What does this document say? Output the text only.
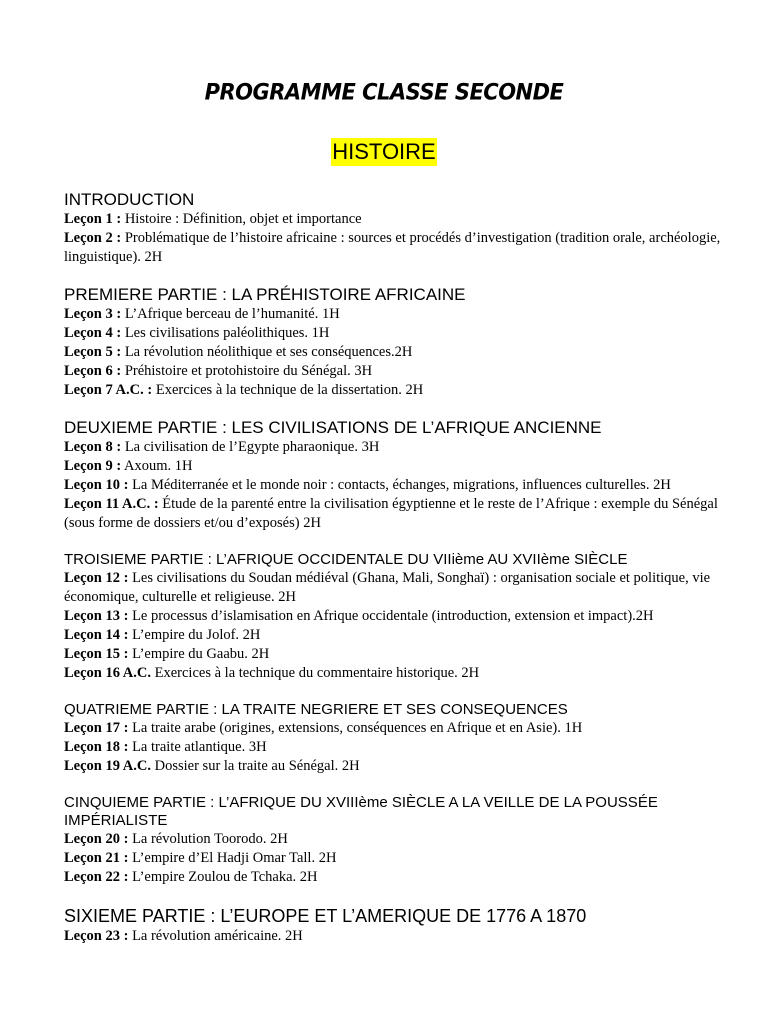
PROGRAMME CLASSE SECONDE
HISTOIRE
INTRODUCTION

Leçon 1 : Histoire : Définition, objet et importance

Leçon 2 : Problématique de l’histoire africaine : sources et procédés d’investigation (tradition orale, archéologie, linguistique). 2H

PREMIERE PARTIE : LA PRÉHISTOIRE AFRICAINE

Leçon 3 : L’Afrique berceau de l’humanité. 1H

Leçon 4 : Les civilisations paléolithiques. 1H

Leçon 5 : La révolution néolithique et ses conséquences.2H

Leçon 6 : Préhistoire et protohistoire du Sénégal. 3H

Leçon 7 A.C. : Exercices à la technique de la dissertation. 2H

DEUXIEME PARTIE : LES CIVILISATIONS DE L’AFRIQUE ANCIENNE

Leçon 8 : La civilisation de l’Egypte pharaonique. 3H

Leçon 9 : Axoum. 1H

Leçon 10 : La Méditerranée et le monde noir : contacts, échanges, migrations, influences culturelles. 2H

Leçon 11 A.C. : Étude de la parenté entre la civilisation égyptienne et le reste de l’Afrique : exemple du Sénégal (sous forme de dossiers et/ou d’exposés) 2H

TROISIEME PARTIE : L’AFRIQUE OCCIDENTALE DU VIIième AU XVIIème SIÈCLE

Leçon 12 : Les civilisations du Soudan médiéval (Ghana, Mali, Songhaï) : organisation sociale et politique, vie économique, culturelle et religieuse. 2H

Leçon 13 : Le processus d’islamisation en Afrique occidentale (introduction, extension et impact).2H

Leçon 14 : L’empire du Jolof. 2H

Leçon 15 : L’empire du Gaabu. 2H

Leçon 16 A.C. Exercices à la technique du commentaire historique. 2H

QUATRIEME PARTIE : LA TRAITE NEGRIERE ET SES CONSEQUENCES

Leçon 17 : La traite arabe (origines, extensions, conséquences en Afrique et en Asie). 1H

Leçon 18 : La traite atlantique. 3H

Leçon 19 A.C. Dossier sur la traite au Sénégal. 2H

CINQUIEME PARTIE : L’AFRIQUE DU XVIIIème SIÈCLE A LA VEILLE DE LA POUSSÉE IMPÉRIALISTE

Leçon 20 : La révolution Toorodo. 2H

Leçon 21 : L’empire d’El Hadji Omar Tall. 2H

Leçon 22 : L’empire Zoulou de Tchaka. 2H

SIXIEME PARTIE : L’EUROPE ET L’AMERIQUE DE 1776 A 1870

Leçon 23 : La révolution américaine. 2H
